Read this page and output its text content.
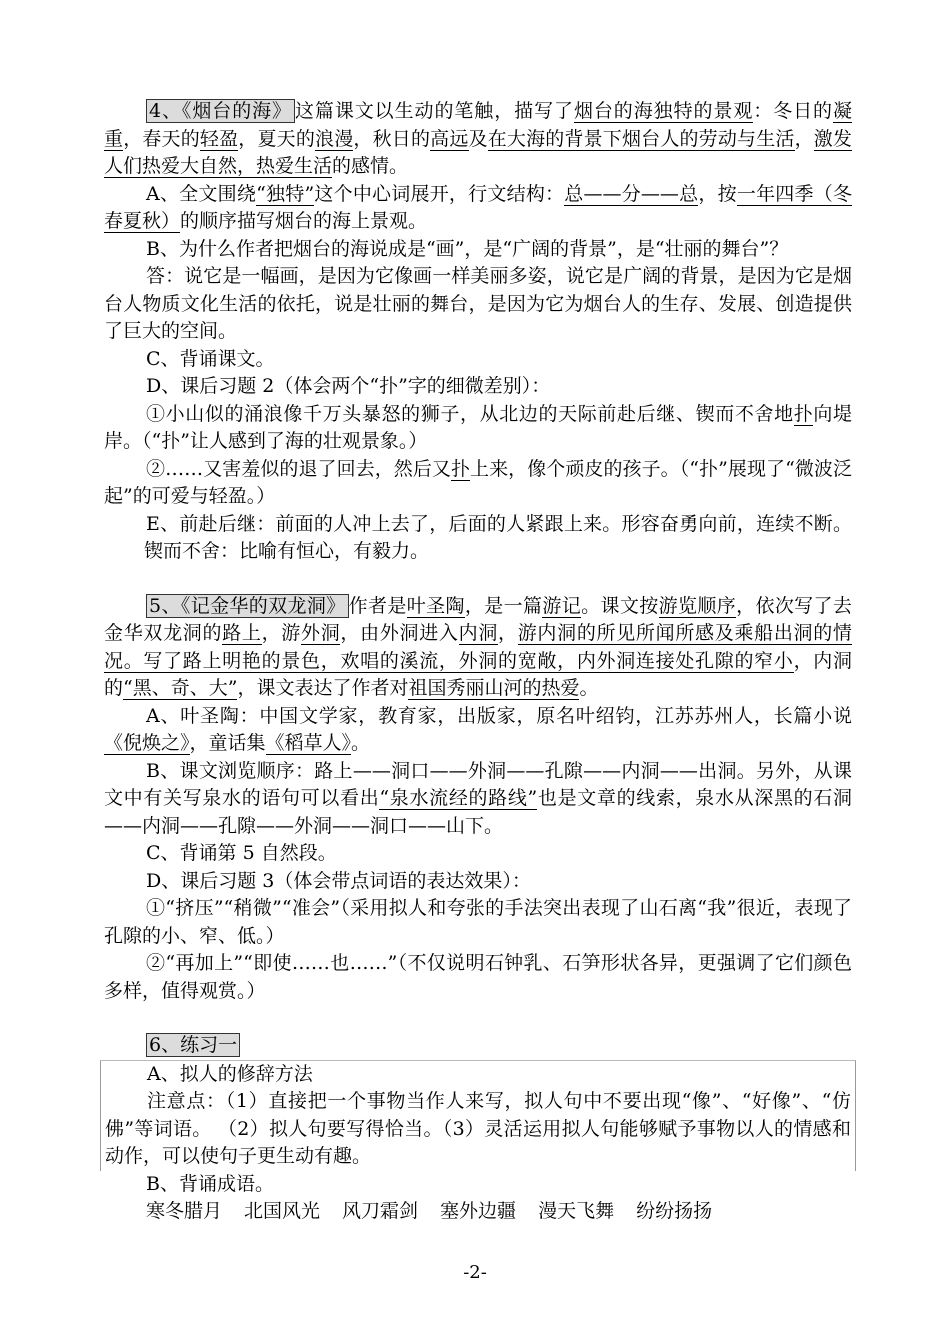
4、《烟台的海》 这篇课文以生动的笔触，描写了烟台的海独特的景观：冬日的凝重，春天的轻盈，夏天的浪漫，秋日的高远及在大海的背景下烟台人的劳动与生活，激发人们热爱大自然，热爱生活的感情。

A、全文围绕“独特”这个中心词展开，行文结构：总——分——总，按一年四季（冬春夏秋）的顺序描写烟台的海上景观。

B、为什么作者把烟台的海说成是“画”，是“广阔的背景”，是“壮丽的舞台”？

答：说它是一幅画，是因为它像画一样美丽多姿，说它是广阔的背景，是因为它是烟台人物质文化生活的依托，说是壮丽的舞台，是因为它为烟台人的生存、发展、创造提供了巨大的空间。

C、背诵课文。

D、课后习题 2（体会两个“扑”字的细微差别）：

①小山似的涌浪像千万头暴怒的狮子，从北边的天际前赴后继、锲而不舍地扑向堤岸。（“扑”让人感到了海的壮观景象。）

②……又害羞似的退了回去，然后又扑上来，像个顽皮的孩子。（“扑”展现了“微波泛起”的可爱与轻盈。）

E、前赴后继：前面的人冲上去了，后面的人紧跟上来。形容奋勇向前，连续不断。锲而不舍：比喻有恒心，有毅力。

5、《记金华的双龙洞》 作者是叶圣陶，是一篇游记。课文按游览顺序，依次写了去金华双龙洞的路上，游外洞，由外洞进入内洞，游内洞的所见所闻所感及乘船出洞的情况。写了路上明艳的景色，欢唱的溪流，外洞的宽敞，内外洞连接处孔隙的窄小，内洞的“黑、奇、大”，课文表达了作者对祖国秀丽山河的热爱。

A、叶圣陶：中国文学家，教育家，出版家，原名叶绍钧，江苏苏州人，长篇小说《倪焕之》，童话集《稻草人》。

B、课文浏览顺序：路上——洞口——外洞——孔隙——内洞——出洞。另外，从课文中有关写泉水的语句可以看出“泉水流经的路线”也是文章的线索，泉水从深黑的石洞——内洞——孔隙——外洞——洞口——山下。

C、背诵第 5 自然段。

D、课后习题 3（体会带点词语的表达效果）：

①“挤压”“稍微”“准会”（采用拟人和夸张的手法突出表现了山石离“我”很近，表现了孔隙的小、窄、低。）

②“再加上”“即使……也……”（不仅说明石钟乳、石笋形状各异，更强调了它们颜色多样，值得观赏。）

6、练习一

A、拟人的修辞方法

注意点：（1）直接把一个事物当作人来写，拟人句中不要出现“像”、“好像”、“仿佛”等词语。 （2）拟人句要写得恰当。（3）灵活运用拟人句能够赋予事物以人的情感和动作，可以使句子更生动有趣。

B、背诵成语。

寒冬腊月 北国风光 风刀霜剑 塞外边疆 漫天飞舞 纷纷扬扬

-2-
